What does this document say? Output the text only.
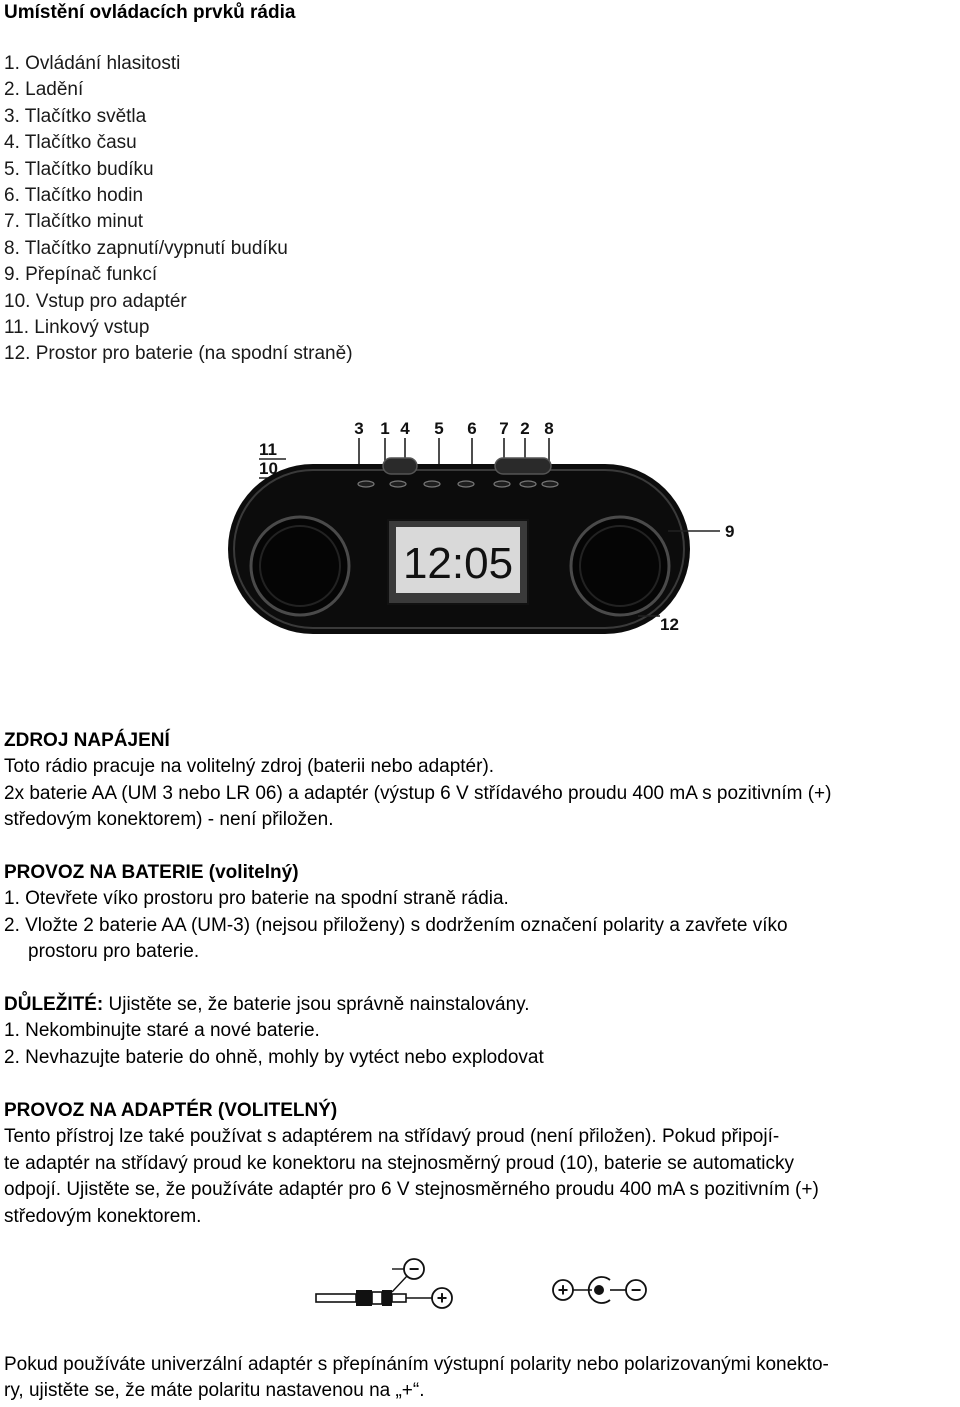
Umístění ovládacích prvků rádia
1. Ovládání hlasitosti
2. Ladění
3. Tlačítko světla
4. Tlačítko času
5. Tlačítko budíku
6. Tlačítko hodin
7. Tlačítko minut
8. Tlačítko zapnutí/vypnutí budíku
9. Přepínač funkcí
10. Vstup pro adaptér
11. Linkový vstup
12. Prostor pro baterie (na spodní straně)
3 1 4 5 6 7 2 8
11
10
12:05
9
12
ZDROJ NAPÁJENÍ
Toto rádio pracuje na volitelný zdroj (baterii nebo adaptér).
2x baterie AA (UM 3 nebo LR 06) a adaptér (výstup 6 V střídavého proudu 400 mA s pozitivním (+)
středovým konektorem) - není přiložen.
PROVOZ NA BATERIE (volitelný)
1. Otevřete víko prostoru pro baterie na spodní straně rádia.
2. Vložte 2 baterie AA (UM-3) (nejsou přiloženy) s dodržením označení polarity a zavřete víko
prostoru pro baterie.
DŮLEŽITÉ: Ujistěte se, že baterie jsou správně nainstalovány.
1. Nekombinujte staré a nové baterie.
2. Nevhazujte baterie do ohně, mohly by vytéct nebo explodovat
PROVOZ NA ADAPTÉR (VOLITELNÝ)
Tento přístroj lze také používat s adaptérem na střídavý proud (není přiložen). Pokud připojí-
te adaptér na střídavý proud ke konektoru na stejnosměrný proud (10), baterie se automaticky
odpojí. Ujistěte se, že používáte adaptér pro 6 V stejnosměrného proudu 400 mA s pozitivním (+)
středovým konektorem.
−
+	+	−
Pokud používáte univerzální adaptér s přepínáním výstupní polarity nebo polarizovanými konekto-
ry, ujistěte se, že máte polaritu nastavenou na „+“.
